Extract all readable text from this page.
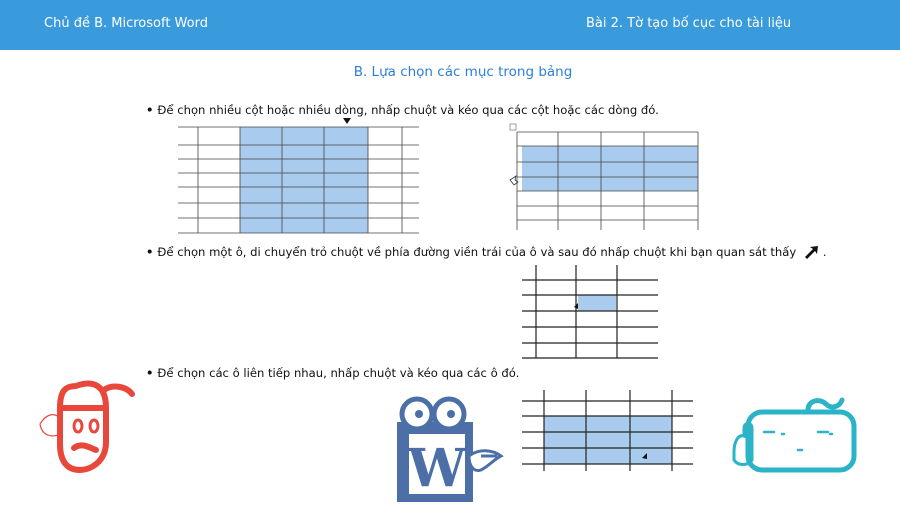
Chủ đề B. Microsoft Word	Bài 2. Tờ tạo bố cục cho tài liệu
B. Lựa chọn các mục trong bảng
• Để chọn nhiều cột hoặc nhiều dòng, nhấp chuột và kéo qua các cột hoặc các dòng đó.
• Để chọn một ô, di chuyển trỏ chuột về phía đường viền trái của ô và sau đó nhấp chuột khi bạn quan sát thấy .
• Để chọn các ô liên tiếp nhau, nhấp chuột và kéo qua các ô đó.
W
